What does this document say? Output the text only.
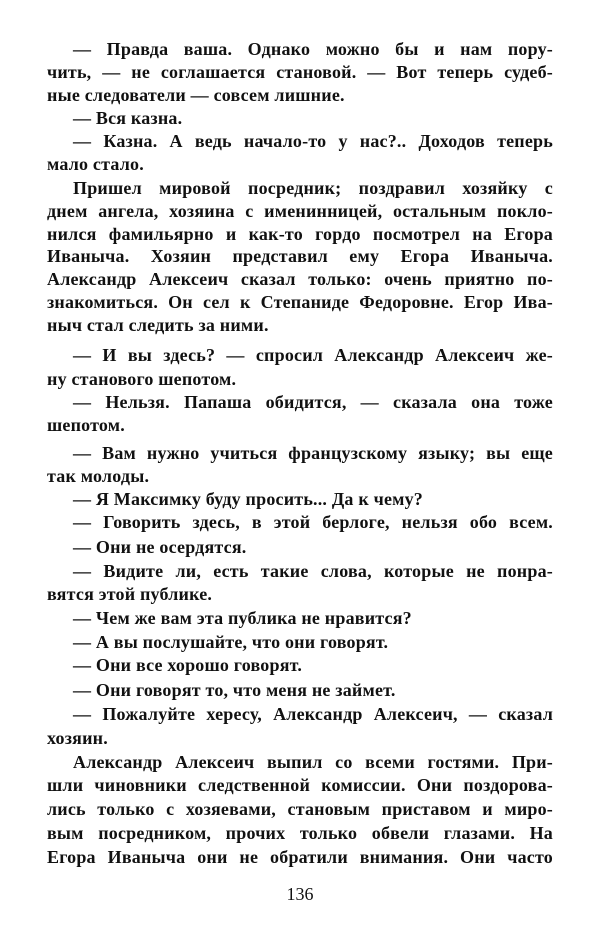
— Правда ваша. Однако можно бы и нам пору-
чить, — не соглашается становой. — Вот теперь судеб-
ные следователи — совсем лишние.
— Вся казна.
— Казна. А ведь начало-то у нас?.. Доходов теперь
мало стало.
Пришел мировой посредник; поздравил хозяйку с
днем ангела, хозяина с именинницей, остальным покло-
нился фамильярно и как-то гордо посмотрел на Егора
Иваныча. Хозяин представил ему Егора Иваныча.
Александр Алексеич сказал только: очень приятно по-
знакомиться. Он сел к Степаниде Федоровне. Егор Ива-
ныч стал следить за ними.
— И вы здесь? — спросил Александр Алексеич же-
ну станового шепотом.
— Нельзя. Папаша обидится, — сказала она тоже
шепотом.
— Вам нужно учиться французскому языку; вы еще
так молоды.
— Я Максимку буду просить... Да к чему?
— Говорить здесь, в этой берлоге, нельзя обо всем.
— Они не осердятся.
— Видите ли, есть такие слова, которые не понра-
вятся этой публике.
— Чем же вам эта публика не нравится?
— А вы послушайте, что они говорят.
— Они все хорошо говорят.
— Они говорят то, что меня не займет.
— Пожалуйте хересу, Александр Алексеич, — сказал
хозяин.
Александр Алексеич выпил со всеми гостями. При-
шли чиновники следственной комиссии. Они поздорова-
лись только с хозяевами, становым приставом и миро-
вым посредником, прочих только обвели глазами. На
Егора Иваныча они не обратили внимания. Они часто
136
